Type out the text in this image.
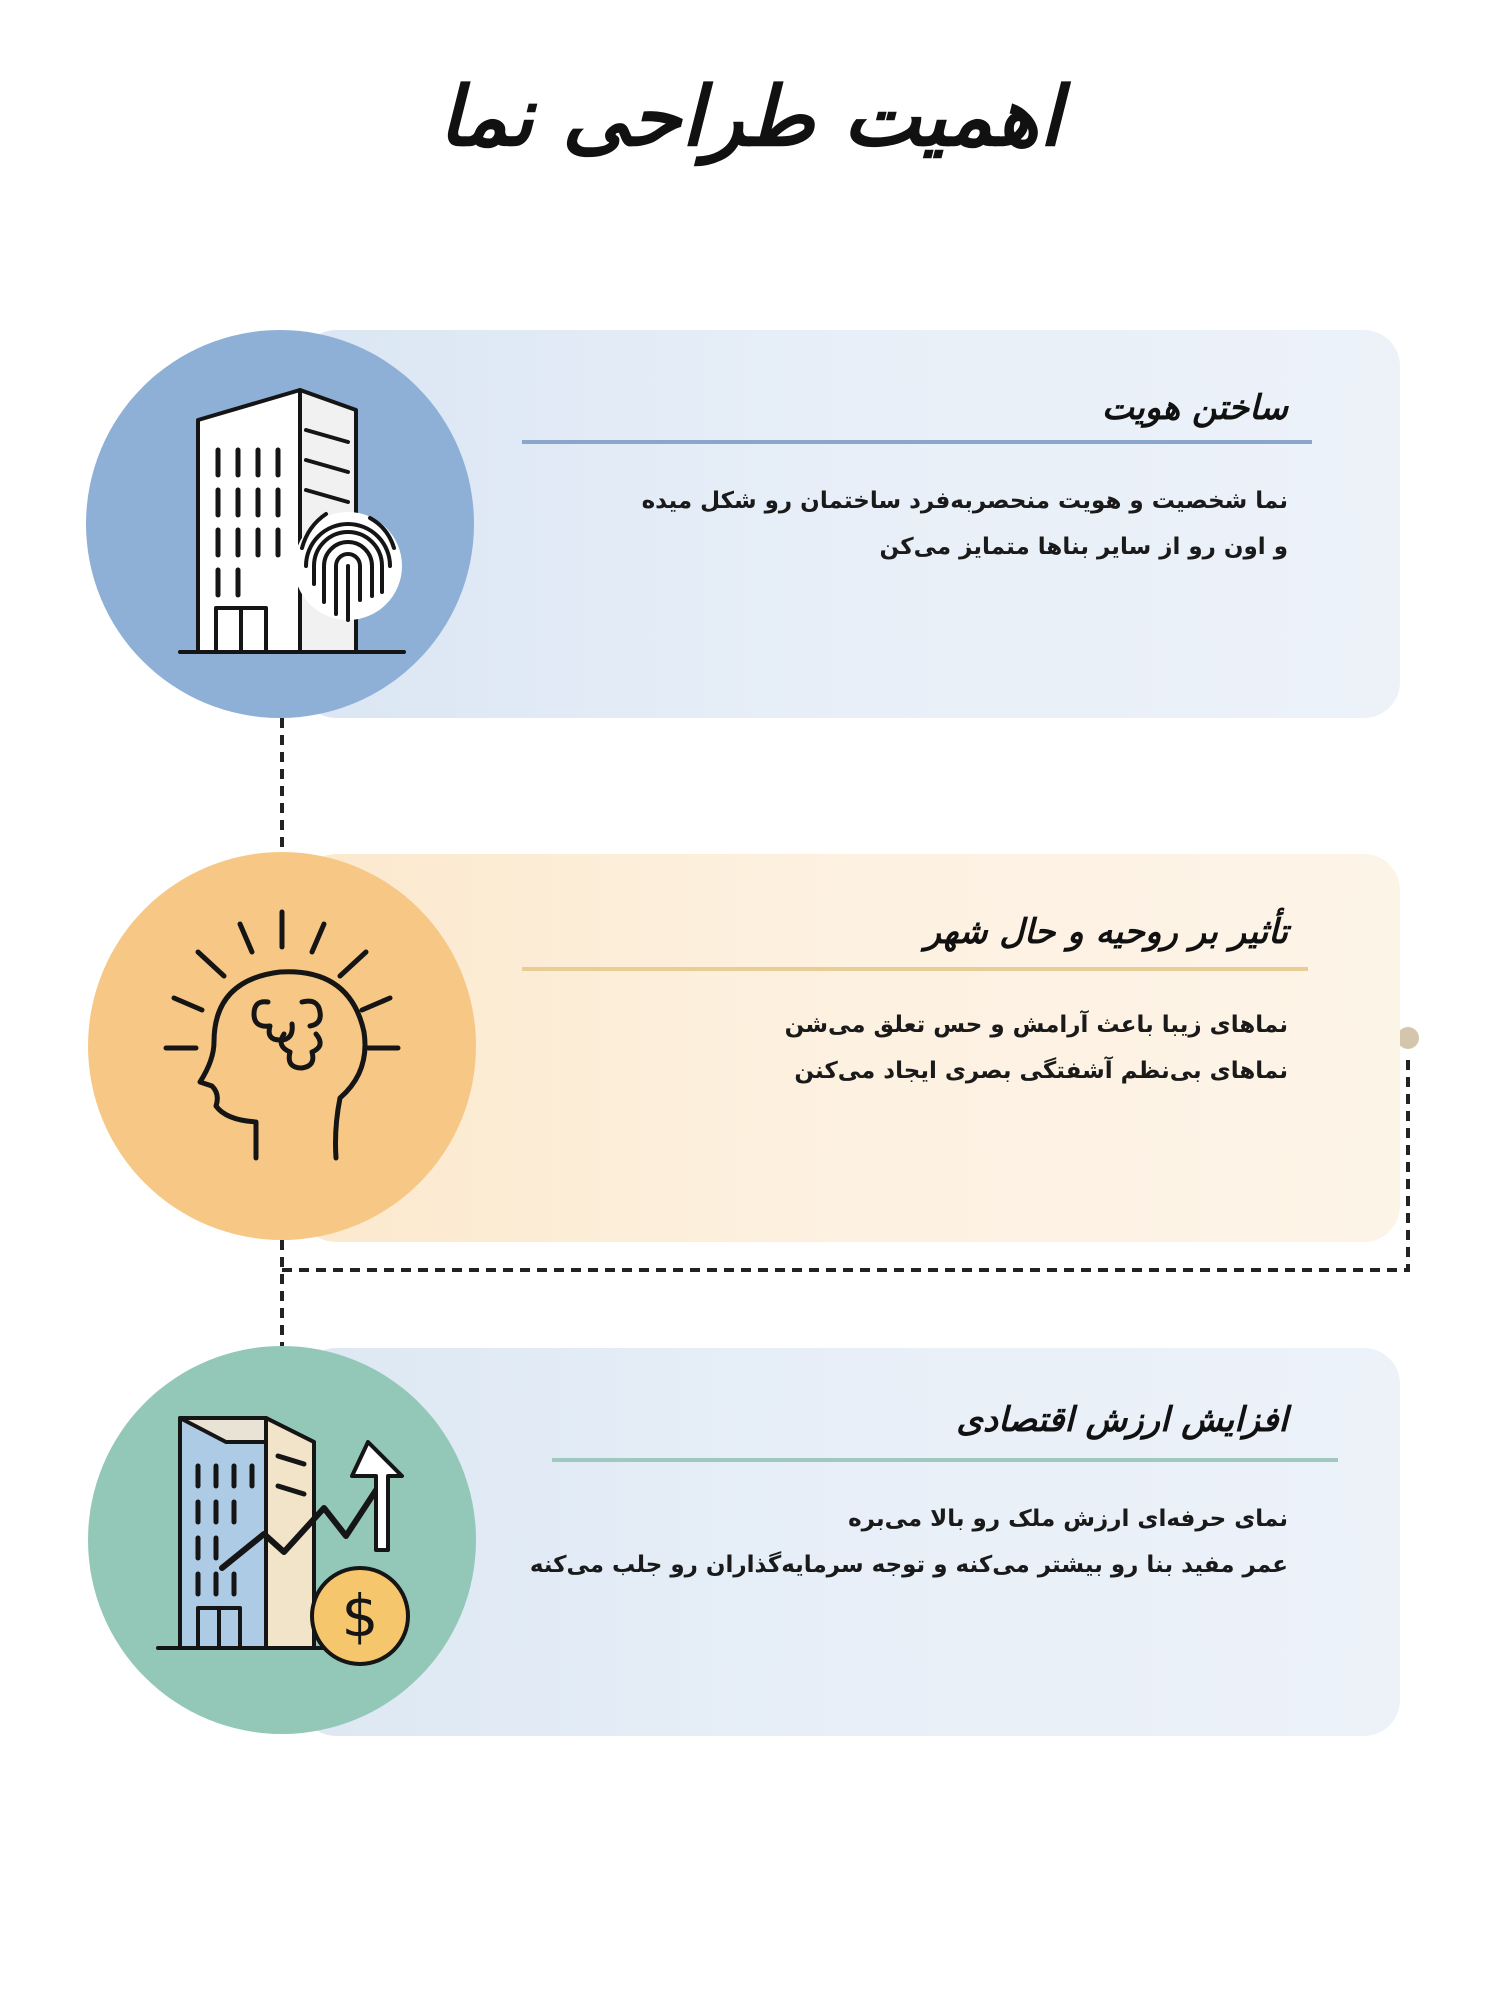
اهمیت طراحی نما
ساختن هویت
نما شخصیت و هویت منحصربه‌فرد ساختمان رو شکل میده
و اون رو از سایر بناها متمایز می‌کن
تأثیر بر روحیه و حال شهر
نماهای زیبا باعث آرامش و حس تعلق می‌شن
نماهای بی‌نظم آشفتگی بصری ایجاد می‌کنن
افزایش ارزش اقتصادی
نمای حرفه‌ای ارزش ملک رو بالا می‌بره
عمر مفید بنا رو بیشتر می‌کنه و توجه سرمایه‌گذاران رو جلب می‌کنه
$
